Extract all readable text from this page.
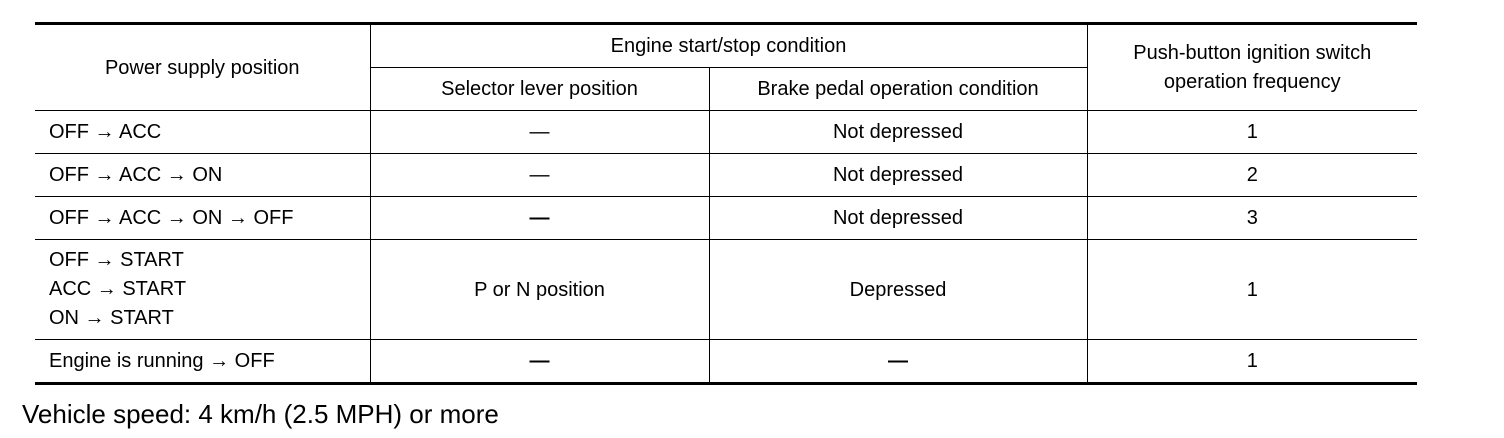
Power supply position	Engine start/stop condition		Push-button ignition switch
operation frequency

	Selector lever position	Brake pedal operation condition	
OFF → ACC	—	Not depressed	1
OFF → ACC → ON	—	Not depressed	2
OFF → ACC → ON → OFF	—	Not depressed	3

OFF → START
ACC → START
ON → START	P or N position	Depressed	1
Engine is running → OFF	—	—	1
Vehicle speed: 4 km/h (2.5 MPH) or more
